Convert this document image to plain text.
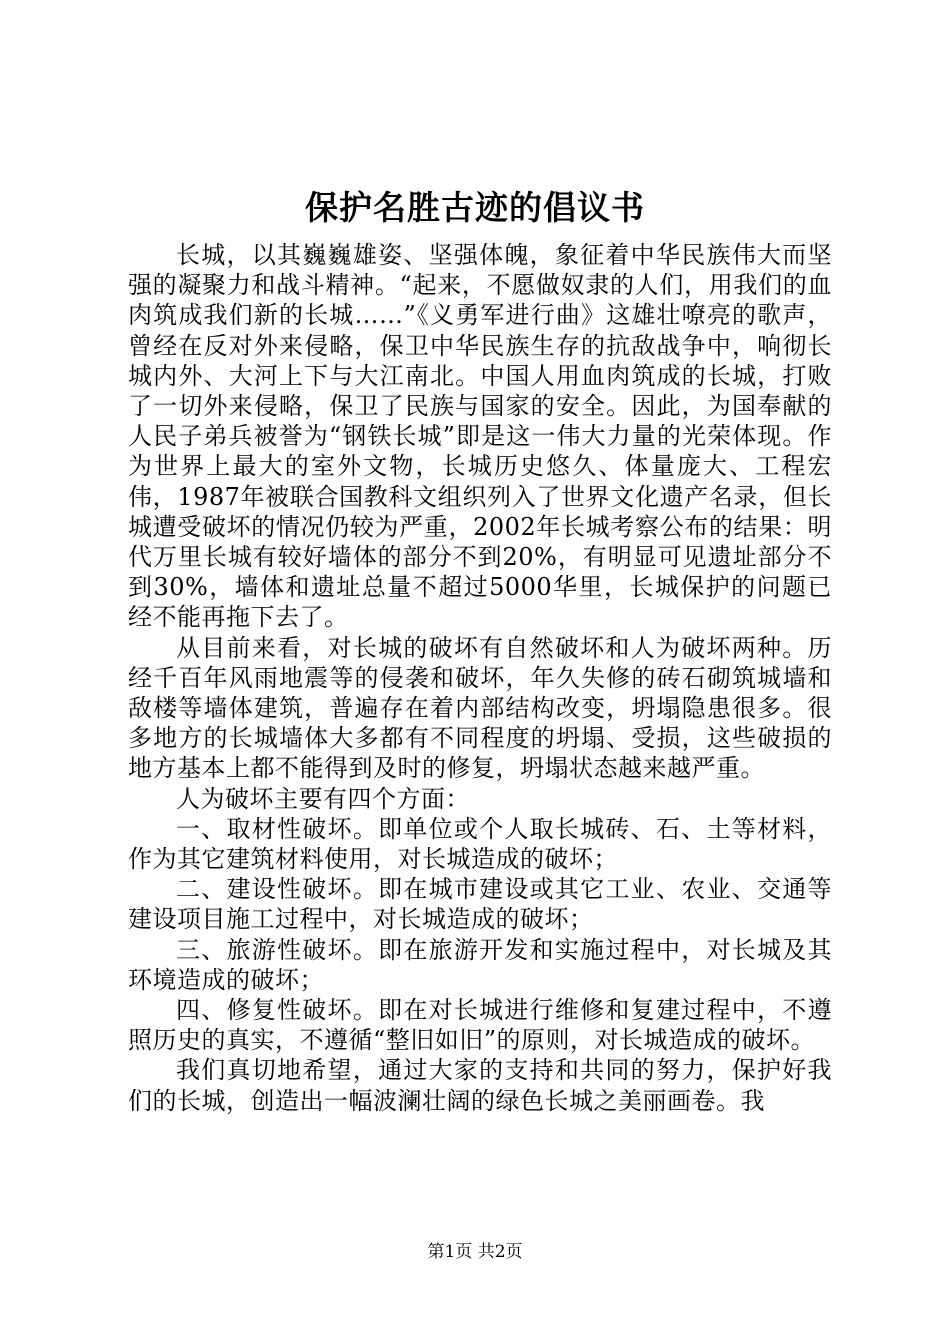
保护名胜古迹的倡议书

长城，以其巍巍雄姿、坚强体魄，象征着中华民族伟大而坚强的凝聚力和战斗精神。“起来，不愿做奴隶的人们，用我们的血肉筑成我们新的长城……”《义勇军进行曲》这雄壮嘹亮的歌声，曾经在反对外来侵略，保卫中华民族生存的抗敌战争中，响彻长城内外、大河上下与大江南北。中国人用血肉筑成的长城，打败了一切外来侵略，保卫了民族与国家的安全。因此，为国奉献的人民子弟兵被誉为“钢铁长城”即是这一伟大力量的光荣体现。作为世界上最大的室外文物，长城历史悠久、体量庞大、工程宏伟，1987年被联合国教科文组织列入了世界文化遗产名录，但长城遭受破坏的情况仍较为严重，2002年长城考察公布的结果：明代万里长城有较好墙体的部分不到20%，有明显可见遗址部分不到30%，墙体和遗址总量不超过5000华里，长城保护的问题已经不能再拖下去了。

从目前来看，对长城的破坏有自然破坏和人为破坏两种。历经千百年风雨地震等的侵袭和破坏，年久失修的砖石砌筑城墙和敌楼等墙体建筑，普遍存在着内部结构改变，坍塌隐患很多。很多地方的长城墙体大多都有不同程度的坍塌、受损，这些破损的地方基本上都不能得到及时的修复，坍塌状态越来越严重。

人为破坏主要有四个方面：

一、取材性破坏。即单位或个人取长城砖、石、土等材料，作为其它建筑材料使用，对长城造成的破坏；

二、建设性破坏。即在城市建设或其它工业、农业、交通等建设项目施工过程中，对长城造成的破坏；

三、旅游性破坏。即在旅游开发和实施过程中，对长城及其环境造成的破坏；

四、修复性破坏。即在对长城进行维修和复建过程中，不遵照历史的真实，不遵循“整旧如旧”的原则，对长城造成的破坏。

我们真切地希望，通过大家的支持和共同的努力，保护好我们的长城，创造出一幅波澜壮阔的绿色长城之美丽画卷。我

第1页 共2页
